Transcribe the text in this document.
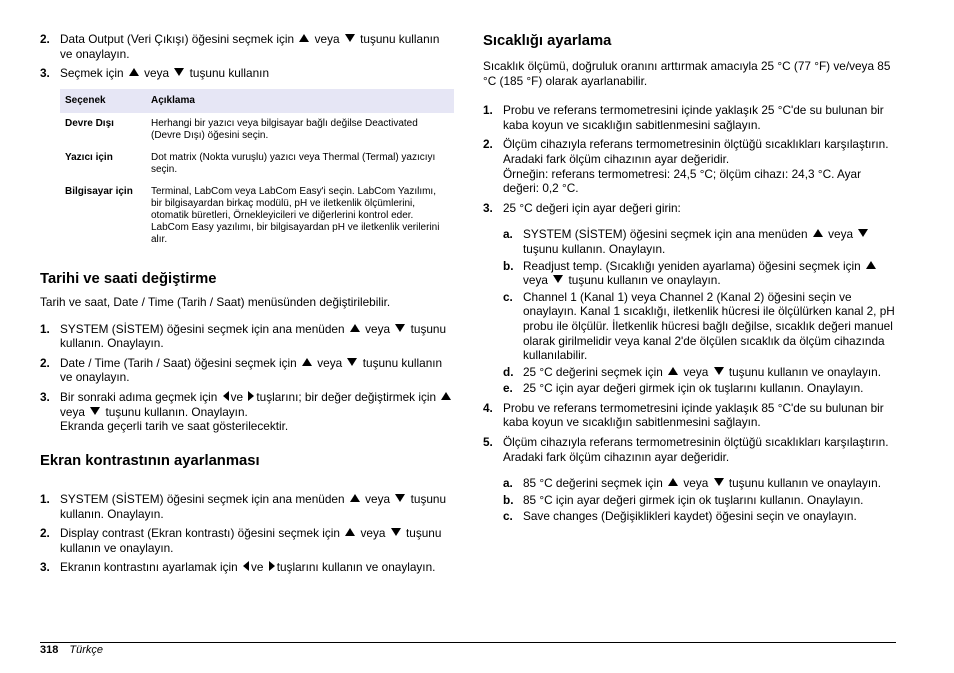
2. Data Output (Veri Çıkışı) öğesini seçmek için veya tuşunu kullanın ve onaylayın.
3. Seçmek için veya tuşunu kullanın
Seçenek	Açıklama
Devre Dışı	Herhangi bir yazıcı veya bilgisayar bağlı değilse Deactivated (Devre Dışı) öğesini seçin.
Yazıcı için	Dot matrix (Nokta vuruşlu) yazıcı veya Thermal (Termal) yazıcıyı seçin.
Bilgisayar için	Terminal, LabCom veya LabCom Easy'i seçin. LabCom Yazılımı, bir bilgisayardan birkaç modülü, pH ve iletkenlik ölçümlerini, otomatik büretleri, Örnekleyicileri ve diğerlerini kontrol eder. LabCom Easy yazılımı, bir bilgisayardan pH ve iletkenlik verilerini alır.
Tarihi ve saati değiştirme

Tarih ve saat, Date / Time (Tarih / Saat) menüsünden değiştirilebilir.

1. SYSTEM (SİSTEM) öğesini seçmek için ana menüden veya tuşunu kullanın. Onaylayın.
2. Date / Time (Tarih / Saat) öğesini seçmek için veya tuşunu kullanın ve onaylayın.
3. Bir sonraki adıma geçmek için ve tuşlarını; bir değer değiştirmek için  veya tuşunu kullanın. Onaylayın.
Ekranda geçerli tarih ve saat gösterilecektir.
Ekran kontrastının ayarlanması
1. SYSTEM (SİSTEM) öğesini seçmek için ana menüden veya tuşunu kullanın. Onaylayın.
2. Display contrast (Ekran kontrastı) öğesini seçmek için veya tuşunu kullanın ve onaylayın.
3. Ekranın kontrastını ayarlamak için ve tuşlarını kullanın ve onaylayın.
Sıcaklığı ayarlama

Sıcaklık ölçümü, doğruluk oranını arttırmak amacıyla 25 °C (77 °F) ve/veya 85 °C (185 °F) olarak ayarlanabilir.

1. Probu ve referans termometresini içinde yaklaşık 25 °C'de su bulunan bir kaba koyun ve sıcaklığın sabitlenmesini sağlayın.
2. Ölçüm cihazıyla referans termometresinin ölçtüğü sıcaklıkları karşılaştırın. Aradaki fark ölçüm cihazının ayar değeridir.
Örneğin: referans termometresi: 24,5 °C; ölçüm cihazı: 24,3 °C. Ayar değeri: 0,2 °C.
3. 25 °C değeri için ayar değeri girin:
a. SYSTEM (SİSTEM) öğesini seçmek için ana menüden veya  tuşunu kullanın. Onaylayın.
b. Readjust temp. (Sıcaklığı yeniden ayarlama) öğesini seçmek için  veya tuşunu kullanın ve onaylayın.
c. Channel 1 (Kanal 1) veya Channel 2 (Kanal 2) öğesini seçin ve onaylayın. Kanal 1 sıcaklığı, iletkenlik hücresi ile ölçülürken kanal 2, pH probu ile ölçülür. İletkenlik hücresi bağlı değilse, sıcaklık değeri manuel olarak girilmelidir veya kanal 2'de ölçülen sıcaklık da ölçüm cihazında kullanılabilir.
d. 25 °C değerini seçmek için veya tuşunu kullanın ve onaylayın.
e. 25 °C için ayar değeri girmek için ok tuşlarını kullanın. Onaylayın.
4. Probu ve referans termometresini içinde yaklaşık 85 °C'de su bulunan bir kaba koyun ve sıcaklığın sabitlenmesini sağlayın.
5. Ölçüm cihazıyla referans termometresinin ölçtüğü sıcaklıkları karşılaştırın. Aradaki fark ölçüm cihazının ayar değeridir.
a. 85 °C değerini seçmek için veya tuşunu kullanın ve onaylayın.
b. 85 °C için ayar değeri girmek için ok tuşlarını kullanın. Onaylayın.
c. Save changes (Değişiklikleri kaydet) öğesini seçin ve onaylayın.
318 Türkçe
